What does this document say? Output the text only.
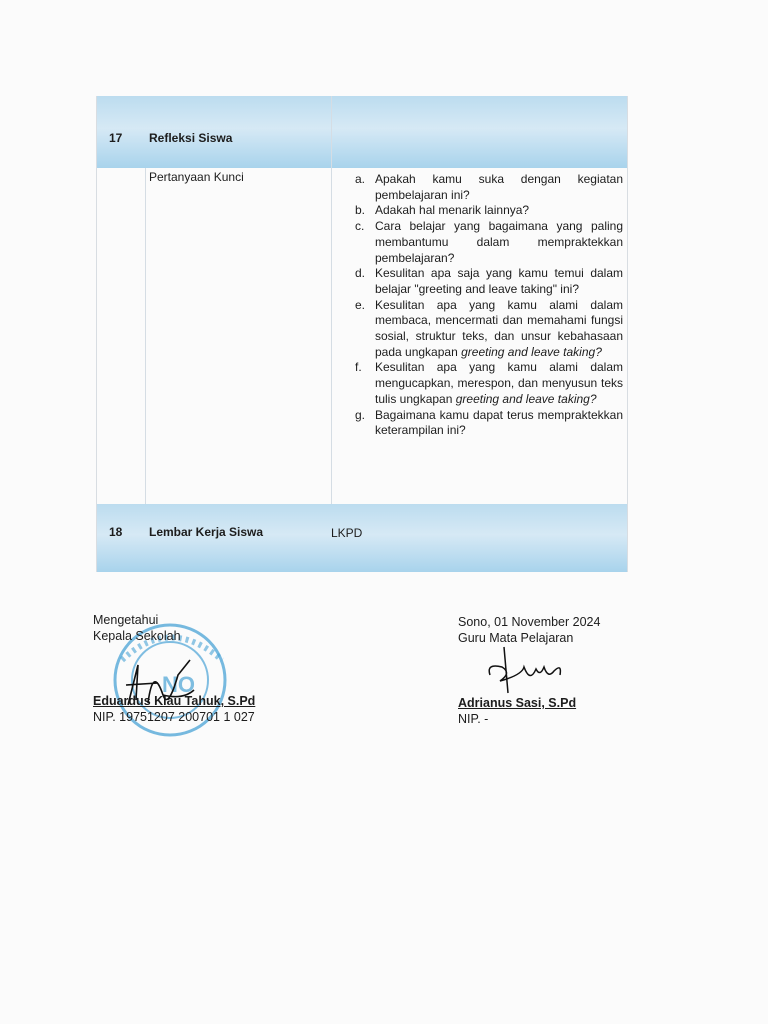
17 Refleksi Siswa
Pertanyaan Kunci	a. Apakah kamu suka dengan kegiatan pembelajaran ini?
b. Adakah hal menarik lainnya?
c. Cara belajar yang bagaimana yang paling membantumu dalam mempraktekkan pembelajaran?
d. Kesulitan apa saja yang kamu temui dalam belajar "greeting and leave taking" ini?
e. Kesulitan apa yang kamu alami dalam membaca, mencermati dan memahami fungsi sosial, struktur teks, dan unsur kebahasaan pada ungkapan greeting and leave taking?
f. Kesulitan apa yang kamu alami dalam mengucapkan, merespon, dan menyusun teks tulis ungkapan greeting and leave taking?
g. Bagaimana kamu dapat terus mempraktekkan keterampilan ini?
18 Lembar Kerja Siswa	LKPD
NO
Mengetahui
Kepala Sekolah
Eduardus Klau Tahuk, S.Pd
NIP. 19751207 200701 1 027
Sono, 01 November 2024
Guru Mata Pelajaran
Adrianus Sasi, S.Pd
NIP. -
